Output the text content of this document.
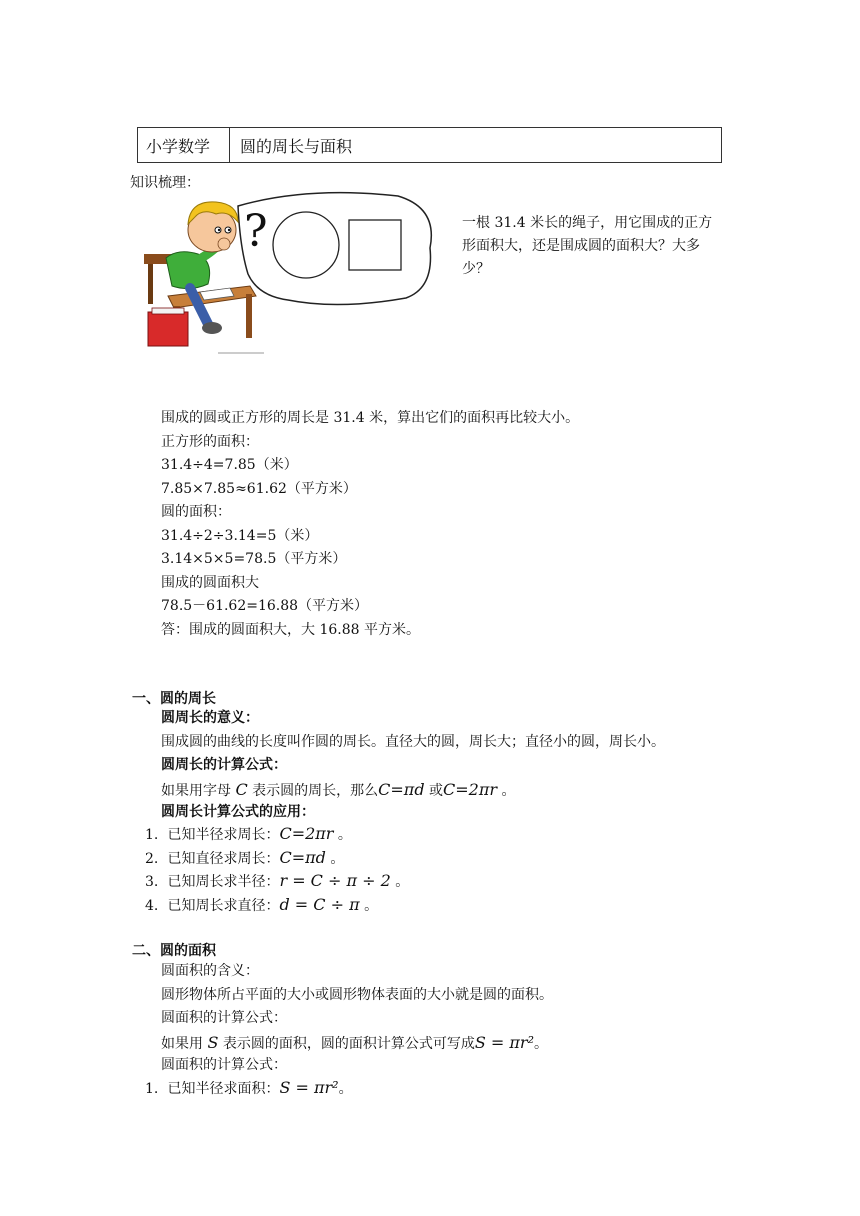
小学数学	圆的周长与面积
知识梳理：
?	一根 31.4 米长的绳子，用它围成的正方形面积大，还是围成圆的面积大？大多少？
围成的圆或正方形的周长是 31.4 米，算出它们的面积再比较大小。
正方形的面积：
31.4÷4=7.85（米）
7.85×7.85≈61.62（平方米）
圆的面积：
31.4÷2÷3.14=5（米）
3.14×5×5=78.5（平方米）
围成的圆面积大
78.5－61.62=16.88（平方米）
答：围成的圆面积大，大 16.88 平方米。
一、圆的周长
圆周长的意义：
围成圆的曲线的长度叫作圆的周长。直径大的圆，周长大；直径小的圆，周长小。
圆周长的计算公式：
如果用字母 C 表示圆的周长，那么C=πd 或C=2πr 。
圆周长计算公式的应用：
1. 已知半径求周长：C=2πr 。
2. 已知直径求周长：C=πd 。
3. 已知周长求半径：r = C ÷ π ÷ 2 。
4. 已知周长求直径：d = C ÷ π 。
二、圆的面积
圆面积的含义：
圆形物体所占平面的大小或圆形物体表面的大小就是圆的面积。
圆面积的计算公式：
如果用 S 表示圆的面积，圆的面积计算公式可写成S = πr²。
圆面积的计算公式：
1. 已知半径求面积：S = πr²。
